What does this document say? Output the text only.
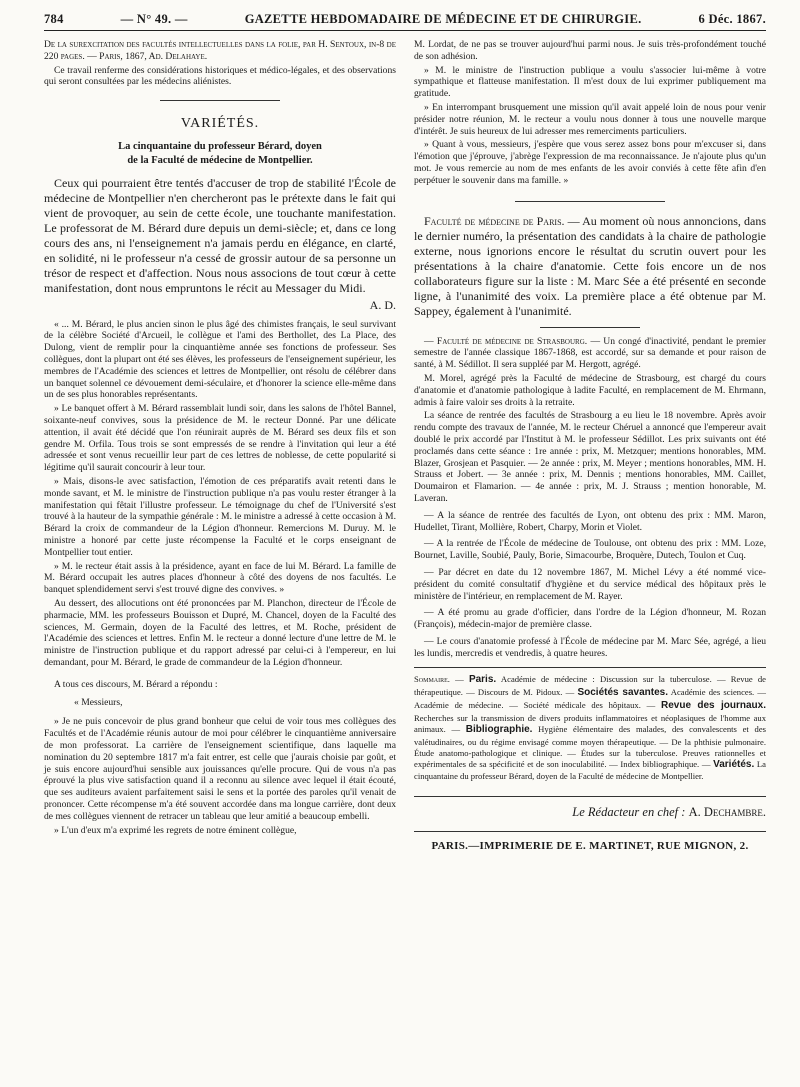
784	— N° 49. —	GAZETTE HEBDOMADAIRE DE MÉDECINE ET DE CHIRURGIE.	6 Déc. 1867.

De la surexcitation des facultés intellectuelles dans la folie, par H. Sentoux, in-8 de 220 pages. — Paris, 1867, Ad. Delahaye.

Ce travail renferme des considérations historiques et médico-légales, et des observations qui seront consultées par les médecins aliénistes.

VARIÉTÉS.
La cinquantaine du professeur Bérard, doyen
de la Faculté de médecine de Montpellier.

Ceux qui pourraient être tentés d'accuser de trop de stabilité l'École de médecine de Montpellier n'en chercheront pas le prétexte dans le fait qui vient de provoquer, au sein de cette école, une touchante manifestation. Le professorat de M. Bérard dure depuis un demi-siècle; et, dans ce long cours des ans, ni l'enseignement n'a jamais perdu en élégance, en clarté, en solidité, ni le professeur n'a cessé de grossir autour de sa personne un trésor de respect et d'affection. Nous nous associons de tout cœur à cette manifestation, dont nous empruntons le récit au Messager du Midi.

A. D.

« ... M. Bérard, le plus ancien sinon le plus âgé des chimistes français, le seul survivant de la célèbre Société d'Arcueil, le collègue et l'ami des Berthollet, des La Place, des Dulong, vient de remplir pour la cinquantième année ses fonctions de professeur. Ses collègues, dont la plupart ont été ses élèves, les professeurs de l'enseignement supérieur, les membres de l'Académie des sciences et lettres de Montpellier, ont résolu de célébrer dans un banquet solennel ce dévouement demi-séculaire, et d'honorer la science elle-même dans un de ses plus honorables représentants.

» Le banquet offert à M. Bérard rassemblait lundi soir, dans les salons de l'hôtel Bannel, soixante-neuf convives, sous la présidence de M. le recteur Donné. Par une délicate attention, il avait été décidé que l'on réunirait auprès de M. Bérard ses deux fils et son gendre M. Orfila. Tous trois se sont empressés de se rendre à l'invitation qui leur a été adressée et sont venus recueillir leur part de ces lettres de noblesse, de cette popularité si légitime qu'il saurait concourir à leur tour.

» Mais, disons-le avec satisfaction, l'émotion de ces préparatifs avait retenti dans le monde savant, et M. le ministre de l'instruction publique n'a pas voulu rester étranger à la manifestation qui fêtait l'illustre professeur. Le témoignage du chef de l'Université s'est trouvé à la hauteur de la sympathie générale : M. le ministre a adressé à cette occasion à M. Bérard la croix de commandeur de la Légion d'honneur. Remercions M. Duruy. M. le ministre a honoré par cette juste récompense la Faculté et le corps enseignant de Montpellier tout entier.

» M. le recteur était assis à la présidence, ayant en face de lui M. Bérard. La famille de M. Bérard occupait les autres places d'honneur à côté des doyens de nos facultés. Le banquet splendidement servi s'est trouvé digne des convives. »

Au dessert, des allocutions ont été prononcées par M. Planchon, directeur de l'École de pharmacie, MM. les professeurs Bouisson et Dupré, M. Chancel, doyen de la Faculté des sciences, M. Germain, doyen de la Faculté des lettres, et M. Roche, président de l'Académie des sciences et lettres. Enfin M. le recteur a donné lecture d'une lettre de M. le ministre de l'instruction publique et du rapport adressé par celui-ci à l'empereur, en lui demandant, pour M. Bérard, le grade de commandeur de la Légion d'honneur.

A tous ces discours, M. Bérard a répondu :

« Messieurs,

» Je ne puis concevoir de plus grand bonheur que celui de voir tous mes collègues des Facultés et de l'Académie réunis autour de moi pour célébrer le cinquantième anniversaire de mon professorat. La carrière de l'enseignement scientifique, dans laquelle ma nomination du 20 septembre 1817 m'a fait entrer, est celle que j'aurais choisie par goût, et je suis encore aujourd'hui sensible aux jouissances qu'elle procure. Qui de vous n'a pas éprouvé la plus vive satisfaction quand il a reconnu au silence avec lequel il était écouté, que ses auditeurs avaient parfaitement saisi le sens et la portée des paroles qu'il venait de prononcer. Cette récompense m'a été souvent accordée dans ma longue carrière, dont deux de mes collègues viennent de retracer un tableau que leur amitié a beaucoup embelli.

» L'un d'eux m'a exprimé les regrets de notre éminent collègue,

M. Lordat, de ne pas se trouver aujourd'hui parmi nous. Je suis très-profondément touché de son adhésion.

» M. le ministre de l'instruction publique a voulu s'associer lui-même à votre sympathique et flatteuse manifestation. Il m'est doux de lui exprimer publiquement ma gratitude.

» En interrompant brusquement une mission qu'il avait appelé loin de nous pour venir présider notre réunion, M. le recteur a voulu nous donner à tous une nouvelle marque d'intérêt. Je suis heureux de lui adresser mes remerciments particuliers.

» Quant à vous, messieurs, j'espère que vous serez assez bons pour m'excuser si, dans l'émotion que j'éprouve, j'abrège l'expression de ma reconnaissance. Je n'ajoute plus qu'un mot. Je vous remercie au nom de mes enfants de les avoir conviés à cette fête afin d'en perpétuer le souvenir dans ma famille. »

Faculté de médecine de Paris. — Au moment où nous annoncions, dans le dernier numéro, la présentation des candidats à la chaire de pathologie externe, nous ignorions encore le résultat du scrutin ouvert pour les présentations à la chaire d'anatomie. Cette fois encore un de nos collaborateurs figure sur la liste : M. Marc Sée a été présenté en seconde ligne, à l'unanimité des voix. La première place a été obtenue par M. Sappey, également à l'unanimité.

— Faculté de médecine de Strasbourg. — Un congé d'inactivité, pendant le premier semestre de l'année classique 1867-1868, est accordé, sur sa demande et pour raison de santé, à M. Sédillot. Il sera suppléé par M. Hergott, agrégé.

M. Morel, agrégé près la Faculté de médecine de Strasbourg, est chargé du cours d'anatomie et d'anatomie pathologique à ladite Faculté, en remplacement de M. Ehrmann, admis à faire valoir ses droits à la retraite.

La séance de rentrée des facultés de Strasbourg a eu lieu le 18 novembre. Après avoir rendu compte des travaux de l'année, M. le recteur Chéruel a annoncé que l'empereur avait doublé le prix accordé par l'Institut à M. le professeur Sédillot. Les prix suivants ont été proclamés dans cette séance : 1re année : prix, M. Metzquer; mentions honorables, MM. Blazer, Grosjean et Pasquier. — 2e année : prix, M. Meyer ; mentions honorables, MM. H. Strauss et Jobert. — 3e année : prix, M. Dennis ; mentions honorables, MM. Caillet, Doumairon et Flamarion. — 4e année : prix, M. J. Strauss ; mention honorable, M. Laveran.

— A la séance de rentrée des facultés de Lyon, ont obtenu des prix : MM. Maron, Hudellet, Tirant, Mollière, Robert, Charpy, Morin et Violet.

— A la rentrée de l'École de médecine de Toulouse, ont obtenu des prix : MM. Loze, Bournet, Laville, Soubié, Pauly, Borie, Simacourbe, Broquère, Dutech, Toulon et Cuq.

— Par décret en date du 12 novembre 1867, M. Michel Lévy a été nommé vice-président du comité consultatif d'hygiène et du service médical des hôpitaux près le ministère de l'intérieur, en remplacement de M. Rayer.

— A été promu au grade d'officier, dans l'ordre de la Légion d'honneur, M. Rozan (François), médecin-major de première classe.

— Le cours d'anatomie professé à l'École de médecine par M. Marc Sée, agrégé, a lieu les lundis, mercredis et vendredis, à quatre heures.

Sommaire. — Paris. Académie de médecine : Discussion sur la tuberculose. — Revue de thérapeutique. — Discours de M. Pidoux. — Sociétés savantes. Académie des sciences. — Académie de médecine. — Société médicale des hôpitaux. — Revue des journaux. Recherches sur la transmission de divers produits inflammatoires et néoplasiques de l'homme aux animaux. — Bibliographie. Hygiène élémentaire des malades, des convalescents et des valétudinaires, ou du régime envisagé comme moyen thérapeutique. — De la phthisie pulmonaire. Étude anatomo-pathologique et clinique. — Études sur la tuberculose. Preuves rationnelles et expérimentales de sa spécificité et de son inoculabilité. — Index bibliographique. — Variétés. La cinquantaine du professeur Bérard, doyen de la Faculté de médecine de Montpellier.
Le Rédacteur en chef : A. Dechambre.
PARIS.—IMPRIMERIE DE E. MARTINET, RUE MIGNON, 2.
